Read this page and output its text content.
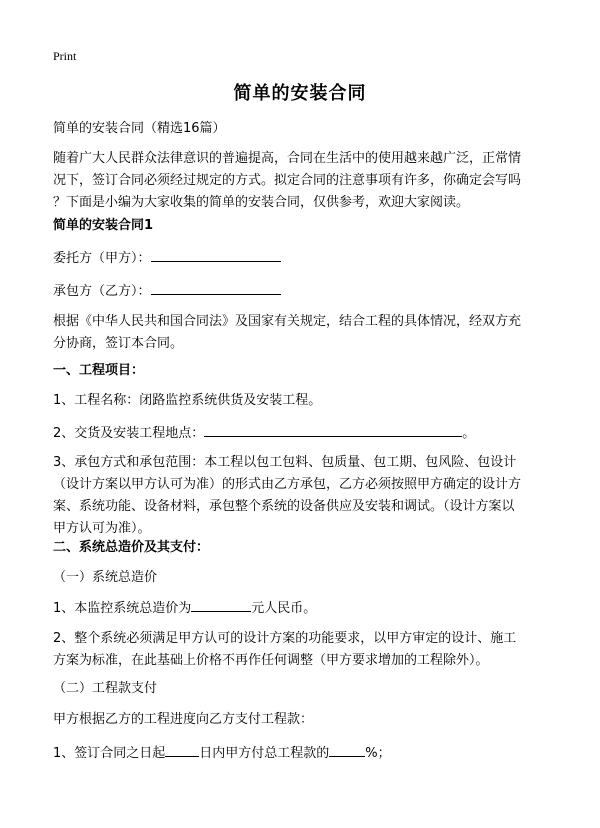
Print
简单的安装合同
简单的安装合同（精选16篇）
随着广大人民群众法律意识的普遍提高，合同在生活中的使用越来越广泛，正常情
况下，签订合同必须经过规定的方式。拟定合同的注意事项有许多，你确定会写吗
？下面是小编为大家收集的简单的安装合同，仅供参考，欢迎大家阅读。
简单的安装合同1
委托方（甲方）：
承包方（乙方）：
根据《中华人民共和国合同法》及国家有关规定，结合工程的具体情况，经双方充
分协商，签订本合同。
一、工程项目：
1、工程名称：闭路监控系统供货及安装工程。
2、交货及安装工程地点：	。
3、承包方式和承包范围：本工程以包工包料、包质量、包工期、包风险、包设计
（设计方案以甲方认可为准）的形式由乙方承包，乙方必须按照甲方确定的设计方
案、系统功能、设备材料，承包整个系统的设备供应及安装和调试。（设计方案以
甲方认可为准）。
二、系统总造价及其支付：
（一）系统总造价
1、本监控系统总造价为	元人民币。
2、整个系统必须满足甲方认可的设计方案的功能要求，以甲方审定的设计、施工
方案为标准，在此基础上价格不再作任何调整（甲方要求增加的工程除外）。
（二）工程款支付
甲方根据乙方的工程进度向乙方支付工程款：
1、签订合同之日起	日内甲方付总工程款的	%；
